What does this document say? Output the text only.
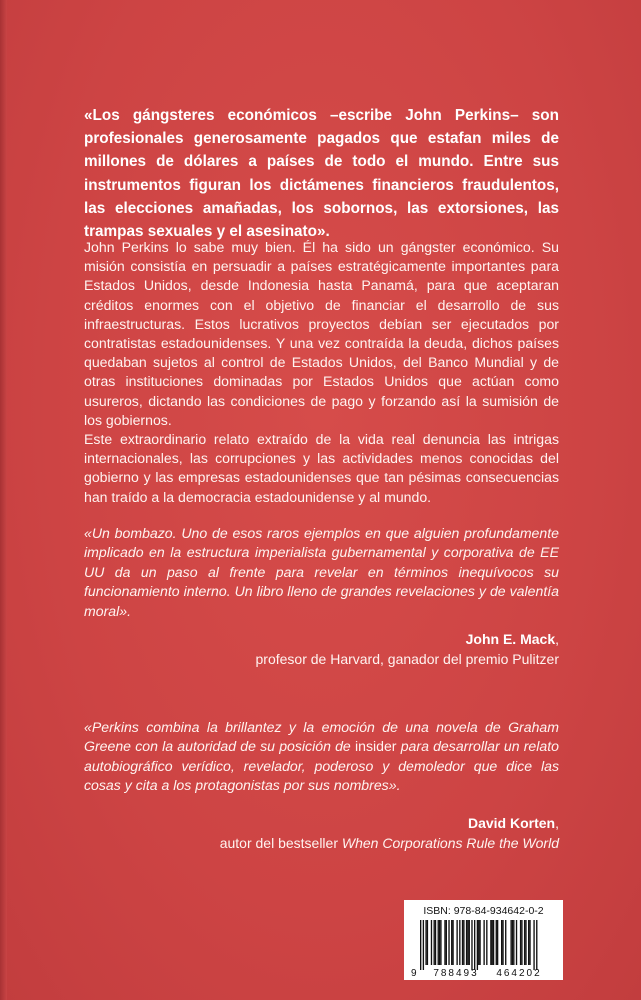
«Los gángsteres económicos –escribe John Perkins– son profesionales generosamente pagados que estafan miles de millones de dólares a países de todo el mundo. Entre sus instrumentos figuran los dictámenes financieros fraudulentos, las elecciones amañadas, los sobornos, las extorsiones, las trampas sexuales y el asesinato».

John Perkins lo sabe muy bien. Él ha sido un gángster económico. Su misión consistía en persuadir a países estratégicamente importantes para Estados Unidos, desde Indonesia hasta Panamá, para que aceptaran créditos enormes con el objetivo de financiar el desarrollo de sus infraestructuras. Estos lucrativos proyectos debían ser ejecutados por contratistas estadounidenses. Y una vez contraída la deuda, dichos países quedaban sujetos al control de Estados Unidos, del Banco Mundial y de otras instituciones dominadas por Estados Unidos que actúan como usureros, dictando las condiciones de pago y forzando así la sumisión de los gobiernos.

Este extraordinario relato extraído de la vida real denuncia las intrigas internacionales, las corrupciones y las actividades menos conocidas del gobierno y las empresas estadounidenses que tan pésimas consecuencias han traído a la democracia estadounidense y al mundo.

«Un bombazo. Uno de esos raros ejemplos en que alguien profundamente implicado en la estructura imperialista gubernamental y corporativa de EE UU da un paso al frente para revelar en términos inequívocos su funcionamiento interno. Un libro lleno de grandes revelaciones y de valentía moral».

John E. Mack,
profesor de Harvard, ganador del premio Pulitzer

«Perkins combina la brillantez y la emoción de una novela de Graham Greene con la autoridad de su posición de insider para desarrollar un relato autobiográfico verídico, revelador, poderoso y demoledor que dice las cosas y cita a los protagonistas por sus nombres».

David Korten,
autor del bestseller When Corporations Rule the World
ISBN: 978-84-934642-0-2
9 788493 464202
